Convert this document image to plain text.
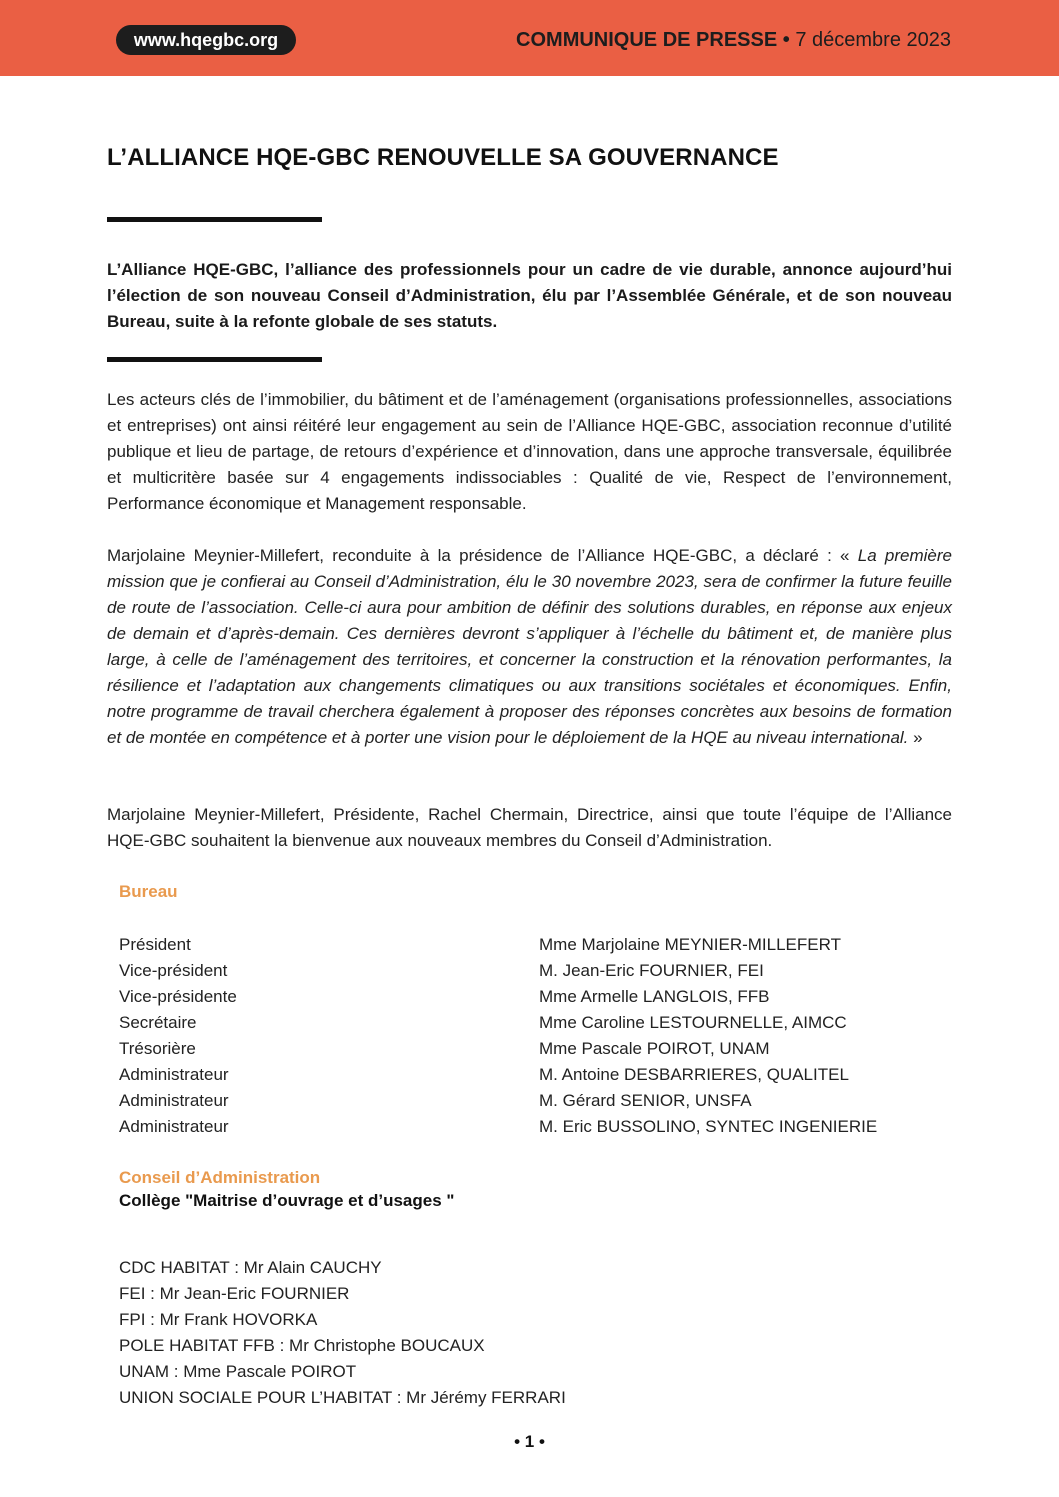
www.hqegbc.org	COMMUNIQUE DE PRESSE • 7 décembre 2023
L’ALLIANCE HQE-GBC RENOUVELLE SA GOUVERNANCE

L’Alliance HQE-GBC, l’alliance des professionnels pour un cadre de vie durable, annonce aujourd’hui l’élection de son nouveau Conseil d’Administration, élu par l’Assemblée Générale, et de son nouveau Bureau, suite à la refonte globale de ses statuts.

Les acteurs clés de l’immobilier, du bâtiment et de l’aménagement (organisations professionnelles, associations et entreprises) ont ainsi réitéré leur engagement au sein de l’Alliance HQE-GBC, association reconnue d’utilité publique et lieu de partage, de retours d’expérience et d’innovation, dans une approche transversale, équilibrée et multicritère basée sur 4 engagements indissociables : Qualité de vie, Respect de l’environnement, Performance économique et Management responsable.

Marjolaine Meynier-Millefert, reconduite à la présidence de l’Alliance HQE-GBC, a déclaré : « La première mission que je confierai au Conseil d’Administration, élu le 30 novembre 2023, sera de confirmer la future feuille de route de l’association. Celle-ci aura pour ambition de définir des solutions durables, en réponse aux enjeux de demain et d’après-demain. Ces dernières devront s’appliquer à l’échelle du bâtiment et, de manière plus large, à celle de l’aménagement des territoires, et concerner la construction et la rénovation performantes, la résilience et l’adaptation aux changements climatiques ou aux transitions sociétales et économiques. Enfin, notre programme de travail cherchera également à proposer des réponses concrètes aux besoins de formation et de montée en compétence et à porter une vision pour le déploiement de la HQE au niveau international. »

Marjolaine Meynier-Millefert, Présidente, Rachel Chermain, Directrice, ainsi que toute l’équipe de l’Alliance HQE-GBC souhaitent la bienvenue aux nouveaux membres du Conseil d’Administration.

Bureau
Président	Mme Marjolaine MEYNIER-MILLEFERT
Vice-président	M. Jean-Eric FOURNIER, FEI
Vice-présidente	Mme Armelle LANGLOIS, FFB
Secrétaire	Mme Caroline LESTOURNELLE, AIMCC
Trésorière	Mme Pascale POIROT, UNAM
Administrateur	M. Antoine DESBARRIERES, QUALITEL
Administrateur	M. Gérard SENIOR, UNSFA
Administrateur	M. Eric BUSSOLINO, SYNTEC INGENIERIE
Conseil d’Administration
Collège "Maitrise d’ouvrage et d’usages "
CDC HABITAT : Mr Alain CAUCHY
FEI : Mr Jean-Eric FOURNIER
FPI : Mr Frank HOVORKA
POLE HABITAT FFB : Mr Christophe BOUCAUX
UNAM : Mme Pascale POIROT
UNION SOCIALE POUR L’HABITAT : Mr Jérémy FERRARI
• 1 •
